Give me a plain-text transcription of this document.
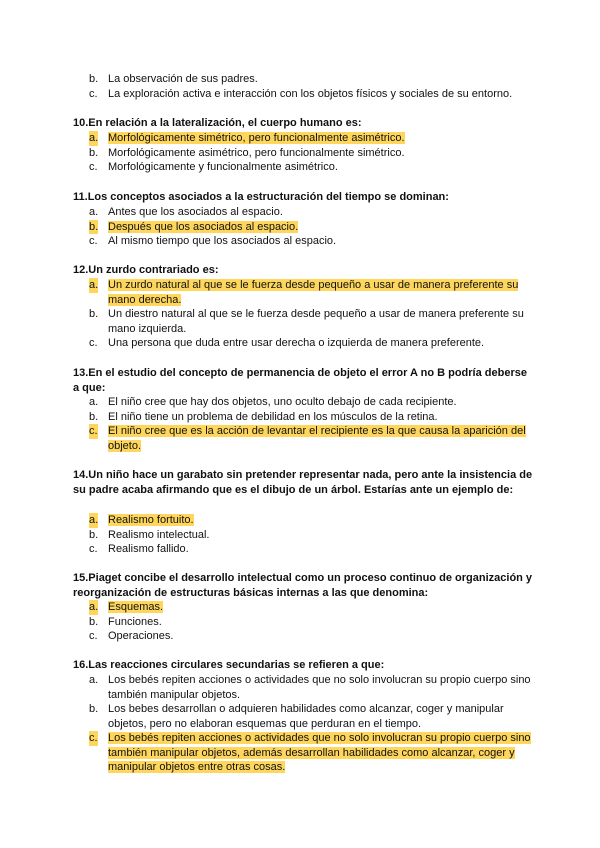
b. La observación de sus padres.
c. La exploración activa e interacción con los objetos físicos y sociales de su entorno.

10.En relación a la lateralización, el cuerpo humano es:

a. Morfológicamente simétrico, pero funcionalmente asimétrico.
b. Morfológicamente asimétrico, pero funcionalmente simétrico.
c. Morfológicamente y funcionalmente asimétrico.

11.Los conceptos asociados a la estructuración del tiempo se dominan:

a. Antes que los asociados al espacio.
b. Después que los asociados al espacio.
c. Al mismo tiempo que los asociados al espacio.

12.Un zurdo contrariado es:

a. Un zurdo natural al que se le fuerza desde pequeño a usar de manera preferente su mano derecha.
b. Un diestro natural al que se le fuerza desde pequeño a usar de manera preferente su mano izquierda.
c. Una persona que duda entre usar derecha o izquierda de manera preferente.

13.En el estudio del concepto de permanencia de objeto el error A no B podría deberse a que:

a. El niño cree que hay dos objetos, uno oculto debajo de cada recipiente.
b. El niño tiene un problema de debilidad en los músculos de la retina.
c. El niño cree que es la acción de levantar el recipiente es la que causa la aparición del objeto.

14.Un niño hace un garabato sin pretender representar nada, pero ante la insistencia de su padre acaba afirmando que es el dibujo de un árbol. Estarías ante un ejemplo de:

a. Realismo fortuito.
b. Realismo intelectual.
c. Realismo fallido.

15.Piaget concibe el desarrollo intelectual como un proceso continuo de organización y reorganización de estructuras básicas internas a las que denomina:

a. Esquemas.
b. Funciones.
c. Operaciones.

16.Las reacciones circulares secundarias se refieren a que:

a. Los bebés repiten acciones o actividades que no solo involucran su propio cuerpo sino también manipular objetos.
b. Los bebes desarrollan o adquieren habilidades como alcanzar, coger y manipular objetos, pero no elaboran esquemas que perduran en el tiempo.
c. Los bebés repiten acciones o actividades que no solo involucran su propio cuerpo sino también manipular objetos, además desarrollan habilidades como alcanzar, coger y manipular objetos entre otras cosas.
